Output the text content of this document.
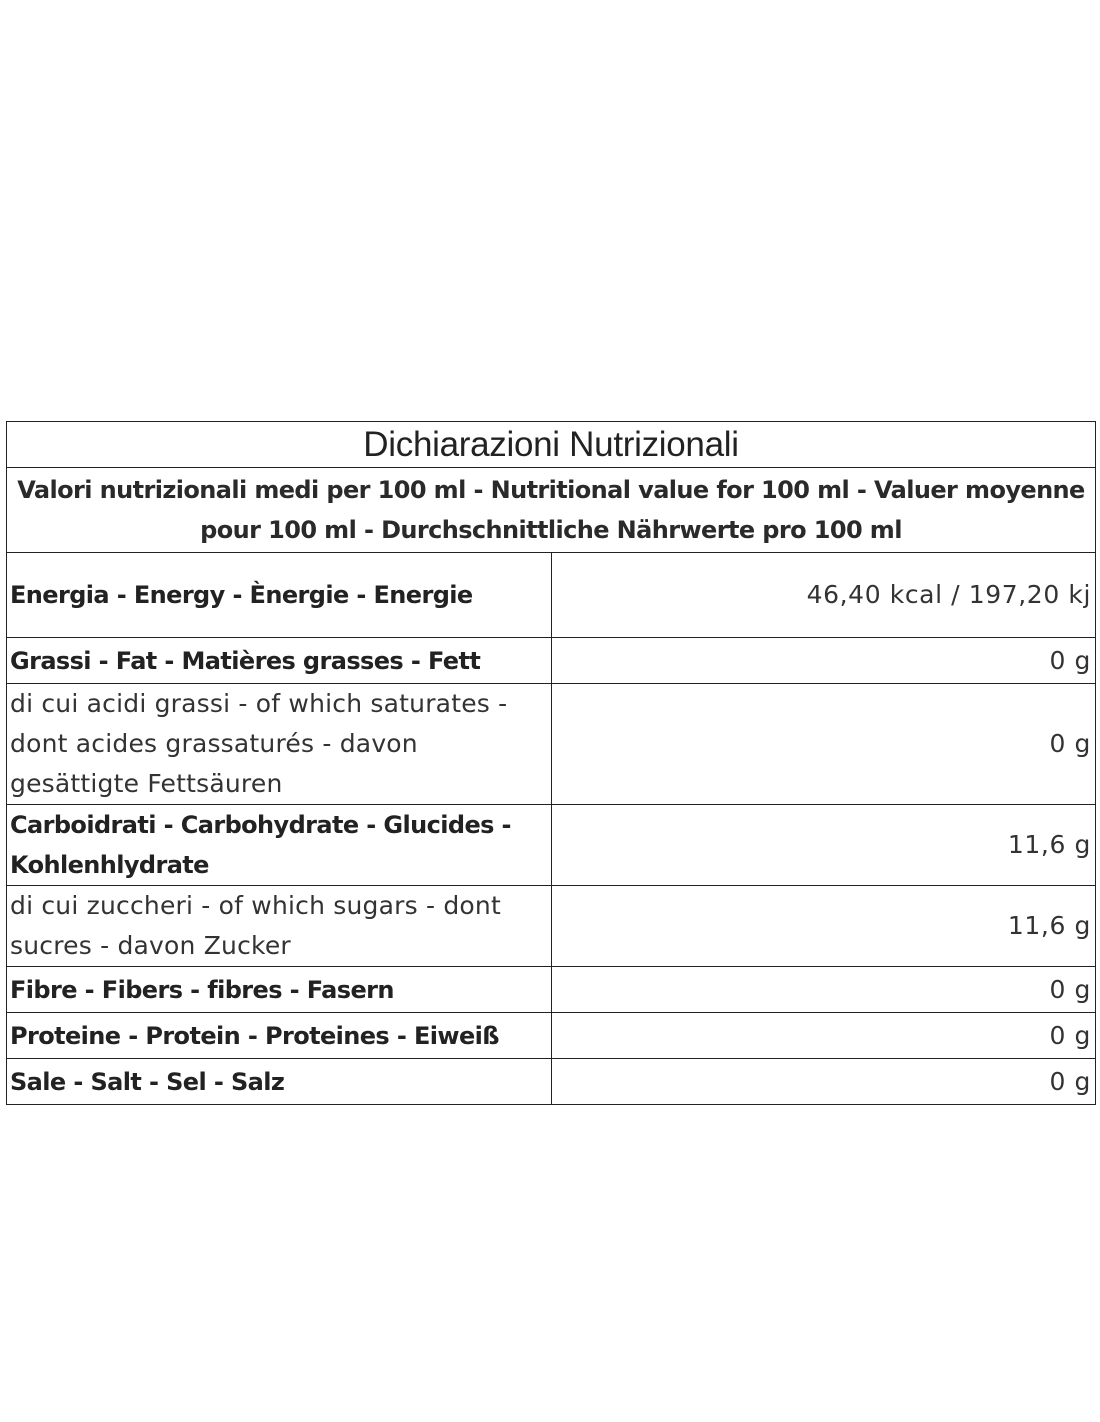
Dichiarazioni Nutrizionali	
Valori nutrizionali medi per 100 ml - Nutritional value for 100 ml - Valuer moyenne pour 100 ml - Durchschnittliche Nährwerte pro 100 ml	
Energia - Energy - Ènergie - Energie	46,40 kcal / 197,20 kj
Grassi - Fat - Matières grasses - Fett	0 g
di cui acidi grassi - of which saturates - dont acides grassaturés - davon gesättigte Fettsäuren	0 g
Carboidrati - Carbohydrate - Glucides - Kohlenhlydrate	11,6 g
di cui zuccheri - of which sugars - dont sucres - davon Zucker	11,6 g
Fibre - Fibers - fibres - Fasern	0 g
Proteine - Protein - Proteines - Eiweiß	0 g
Sale - Salt - Sel - Salz	0 g
